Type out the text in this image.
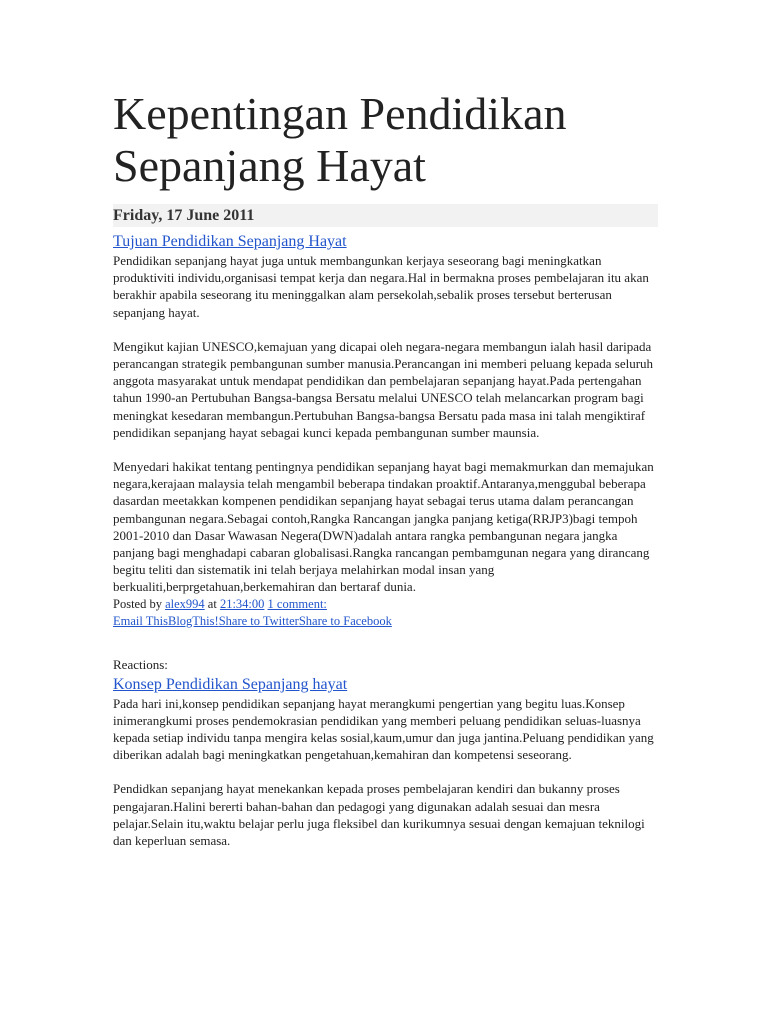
Kepentingan Pendidikan
Sepanjang Hayat
Friday, 17 June 2011
Tujuan Pendidikan Sepanjang Hayat

Pendidikan sepanjang hayat juga untuk membangunkan kerjaya seseorang bagi meningkatkan produktiviti individu,organisasi tempat kerja dan negara.Hal in bermakna proses pembelajaran itu akan berakhir apabila seseorang itu meninggalkan alam persekolah,sebalik proses tersebut berterusan sepanjang hayat.

Mengikut kajian UNESCO,kemajuan yang dicapai oleh negara-negara membangun ialah hasil daripada perancangan strategik pembangunan sumber manusia.Perancangan ini memberi peluang kepada seluruh anggota masyarakat untuk mendapat pendidikan dan pembelajaran sepanjang hayat.Pada pertengahan tahun 1990-an Pertubuhan Bangsa-bangsa Bersatu melalui UNESCO telah melancarkan program bagi meningkat kesedaran membangun.Pertubuhan Bangsa-bangsa Bersatu pada masa ini talah mengiktiraf pendidikan sepanjang hayat sebagai kunci kepada pembangunan sumber maunsia.

Menyedari hakikat tentang pentingnya pendidikan sepanjang hayat bagi memakmurkan dan memajukan negara,kerajaan malaysia telah mengambil beberapa tindakan proaktif.Antaranya,menggubal beberapa dasardan meetakkan kompenen pendidikan sepanjang hayat sebagai terus utama dalam perancangan pembangunan negara.Sebagai contoh,Rangka Rancangan jangka panjang ketiga(RRJP3)bagi tempoh 2001-2010 dan Dasar Wawasan Negera(DWN)adalah antara rangka pembangunan negara jangka panjang bagi menghadapi cabaran globalisasi.Rangka rancangan pembamgunan negara yang dirancang begitu teliti dan sistematik ini telah berjaya melahirkan modal insan yang berkualiti,berprgetahuan,berkemahiran dan bertaraf dunia.

Posted by alex994 at 21:34:00 1 comment:
Email ThisBlogThis!Share to TwitterShare to Facebook
Reactions:
Konsep Pendidikan Sepanjang hayat

Pada hari ini,konsep pendidikan sepanjang hayat merangkumi pengertian yang begitu luas.Konsep inimerangkumi proses pendemokrasian pendidikan yang memberi peluang pendidikan seluas-luasnya kepada setiap individu tanpa mengira kelas sosial,kaum,umur dan juga jantina.Peluang pendidikan yang diberikan adalah bagi meningkatkan pengetahuan,kemahiran dan kompetensi seseorang.

Pendidkan sepanjang hayat menekankan kepada proses pembelajaran kendiri dan bukanny proses pengajaran.Halini bererti bahan-bahan dan pedagogi yang digunakan adalah sesuai dan mesra pelajar.Selain itu,waktu belajar perlu juga fleksibel dan kurikumnya sesuai dengan kemajuan teknilogi dan keperluan semasa.
